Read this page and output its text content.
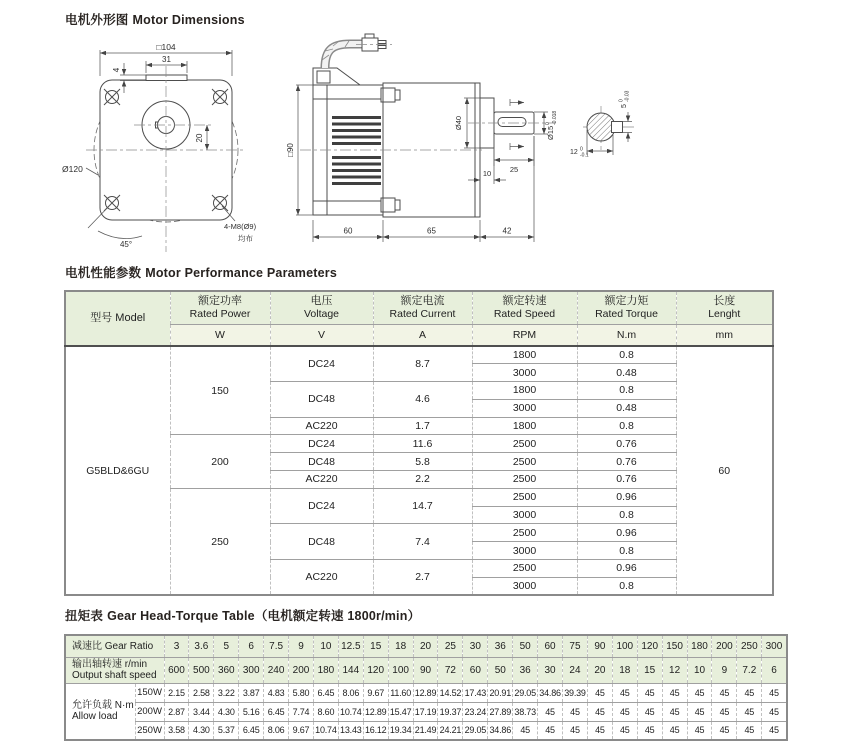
电机外形图 Motor Dimensions
电机性能参数 Motor Performance Parameters
扭矩表 Gear Head-Torque Table（电机额定转速 1800r/min）
□104
31
4
20
Ø120
45°
4-M8(Ø9)
均布
□90
Ø40
10 25
Ø15
0 -0.018
60	65	42
5
0 -0.03
12 0
-0.1
型号 Model	
额定功率
Rated Power

电压
Voltage

额定电流
Rated Current

额定转速
Rated Speed

额定力矩
Rated Torque

长度
Lenght

	W	V	A	RPM	N.m	mm
G5BLD&6GU	150	DC24	8.7	1800	0.8	60
				3000	0.48	
		DC48	4.6	1800	0.8	
				3000	0.48	
		AC220	1.7	1800	0.8	
	200	DC24	11.6	2500	0.76	
		DC48	5.8	2500	0.76	
		AC220	2.2	2500	0.76	
	250	DC24	14.7	2500	0.96	
				3000	0.8	
		DC48	7.4	2500	0.96	
				3000	0.8	
		AC220	2.7	2500	0.96	
				3000	0.8	
减速比 Gear Ratio		3	3.6	5	6	7.5	9	10	12.5	15	18	20	25	30	36	50	60	75	90	100	120	150	180	200	250	300

输出轴转速 r/min
Output shaft speed		600	500	360	300	240	200	180	144	120	100	90	72	60	50	36	30	24	20	18	15	12	10	9	7.2	6

允许负载 N·m
Allow load	150W	2.15	2.58	3.22	3.87	4.83	5.80	6.45	8.06	9.67	11.60	12.89	14.52	17.43	20.91	29.05	34.86	39.39	45	45	45	45	45	45	45	45
	200W	2.87	3.44	4.30	5.16	6.45	7.74	8.60	10.74	12.89	15.47	17.19	19.37	23.24	27.89	38.73	45	45	45	45	45	45	45	45	45	45
	250W	3.58	4.30	5.37	6.45	8.06	9.67	10.74	13.43	16.12	19.34	21.49	24.21	29.05	34.86	45	45	45	45	45	45	45	45	45	45	45
